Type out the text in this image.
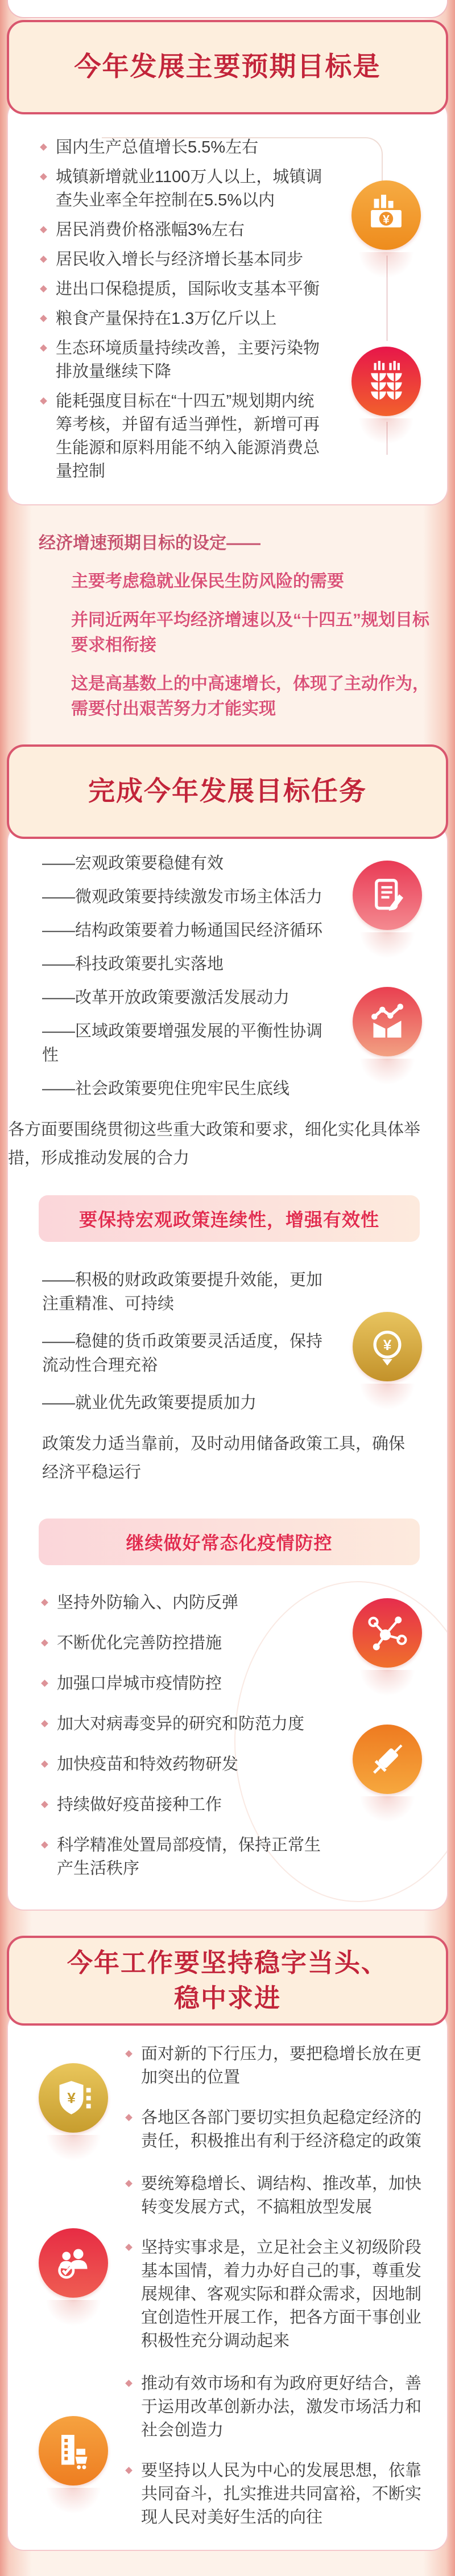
今年发展主要预期目标是
国内生产总值增长5.5%左右
城镇新增就业1100万人以上，城镇调查失业率全年控制在5.5%以内
居民消费价格涨幅3%左右
居民收入增长与经济增长基本同步
进出口保稳提质，国际收支基本平衡
粮食产量保持在1.3万亿斤以上
生态环境质量持续改善，主要污染物排放量继续下降
能耗强度目标在“十四五”规划期内统筹考核，并留有适当弹性，新增可再生能源和原料用能不纳入能源消费总量控制
¥

经济增速预期目标的设定——

主要考虑稳就业保民生防风险的需要

并同近两年平均经济增速以及“十四五”规划目标要求相衔接

这是高基数上的中高速增长，体现了主动作为，需要付出艰苦努力才能实现

完成今年发展目标任务

——宏观政策要稳健有效

——微观政策要持续激发市场主体活力

——结构政策要着力畅通国民经济循环

——科技政策要扎实落地

——改革开放政策要激活发展动力

——区域政策要增强发展的平衡性协调性

——社会政策要兜住兜牢民生底线

各方面要围绕贯彻这些重大政策和要求，细化实化具体举措，形成推动发展的合力

要保持宏观政策连续性，增强有效性

——积极的财政政策要提升效能，更加注重精准、可持续

——稳健的货币政策要灵活适度，保持流动性合理充裕

——就业优先政策要提质加力

政策发力适当靠前，及时动用储备政策工具，确保经济平稳运行

¥
继续做好常态化疫情防控
坚持外防输入、内防反弹
不断优化完善防控措施
加强口岸城市疫情防控
加大对病毒变异的研究和防范力度
加快疫苗和特效药物研发
持续做好疫苗接种工作
科学精准处置局部疫情，保持正常生产生活秩序
今年工作要坚持稳字当头、
稳中求进
¥
面对新的下行压力，要把稳增长放在更加突出的位置
各地区各部门要切实担负起稳定经济的责任，积极推出有利于经济稳定的政策
要统筹稳增长、调结构、推改革，加快转变发展方式，不搞粗放型发展
坚持实事求是，立足社会主义初级阶段基本国情，着力办好自己的事，尊重发展规律、客观实际和群众需求，因地制宜创造性开展工作，把各方面干事创业积极性充分调动起来
推动有效市场和有为政府更好结合，善于运用改革创新办法，激发市场活力和社会创造力
要坚持以人民为中心的发展思想，依靠共同奋斗，扎实推进共同富裕，不断实现人民对美好生活的向往
